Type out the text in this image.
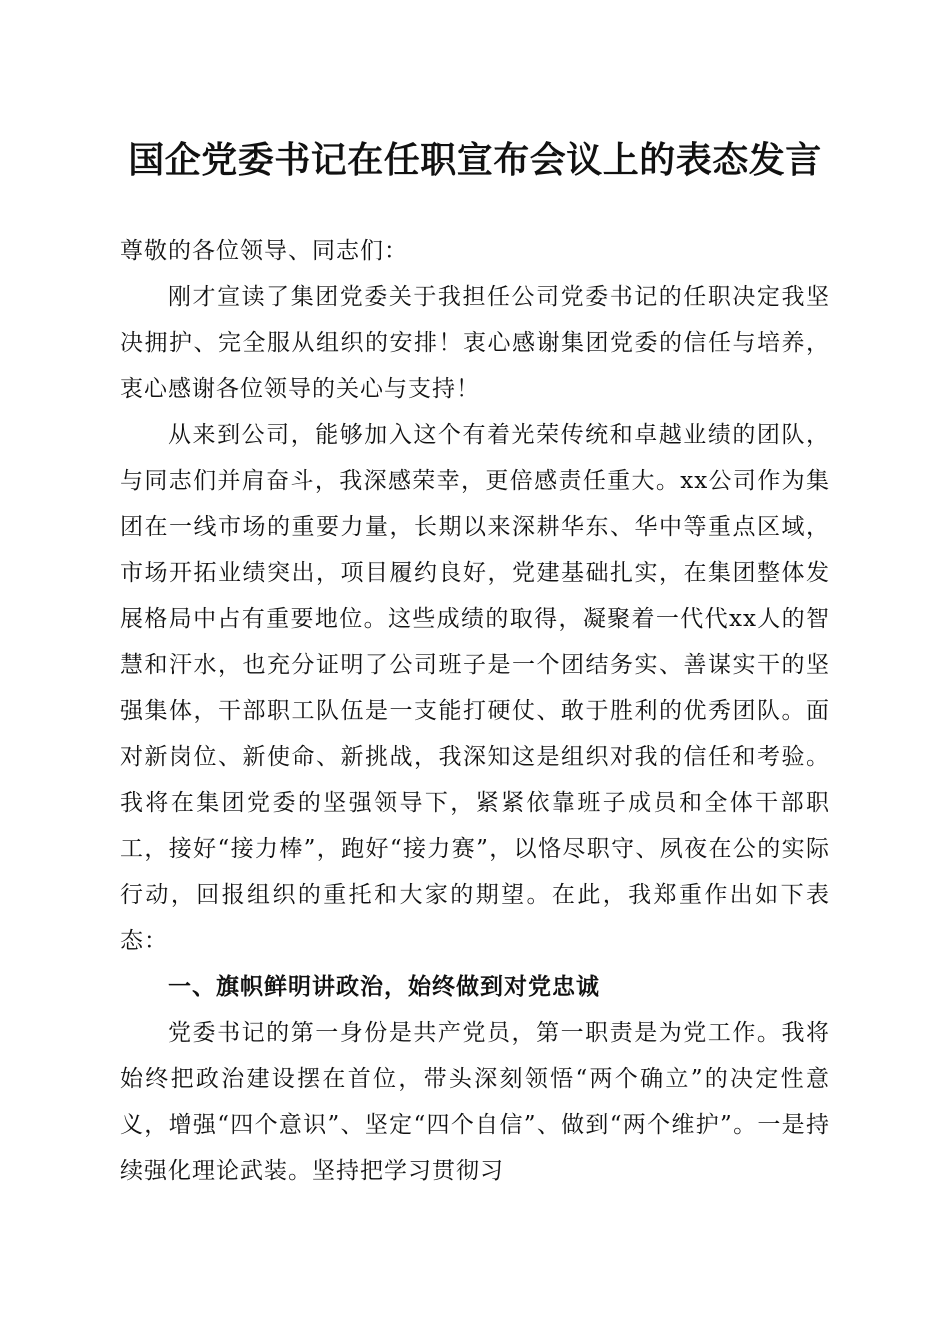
国企党委书记在任职宣布会议上的表态发言

尊敬的各位领导、同志们：

刚才宣读了集团党委关于我担任公司党委书记的任职决定我坚决拥护、完全服从组织的安排！衷心感谢集团党委的信任与培养，衷心感谢各位领导的关心与支持！

从来到公司，能够加入这个有着光荣传统和卓越业绩的团队，与同志们并肩奋斗，我深感荣幸，更倍感责任重大。xx公司作为集团在一线市场的重要力量，长期以来深耕华东、华中等重点区域，市场开拓业绩突出，项目履约良好，党建基础扎实，在集团整体发展格局中占有重要地位。这些成绩的取得，凝聚着一代代xx人的智慧和汗水，也充分证明了公司班子是一个团结务实、善谋实干的坚强集体，干部职工队伍是一支能打硬仗、敢于胜利的优秀团队。面对新岗位、新使命、新挑战，我深知这是组织对我的信任和考验。我将在集团党委的坚强领导下，紧紧依靠班子成员和全体干部职工，接好“接力棒”，跑好“接力赛”，以恪尽职守、夙夜在公的实际行动，回报组织的重托和大家的期望。在此，我郑重作出如下表态：

一、旗帜鲜明讲政治，始终做到对党忠诚

党委书记的第一身份是共产党员，第一职责是为党工作。我将始终把政治建设摆在首位，带头深刻领悟“两个确立”的决定性意义，增强“四个意识”、坚定“四个自信”、做到“两个维护”。一是持续强化理论武装。坚持把学习贯彻习
